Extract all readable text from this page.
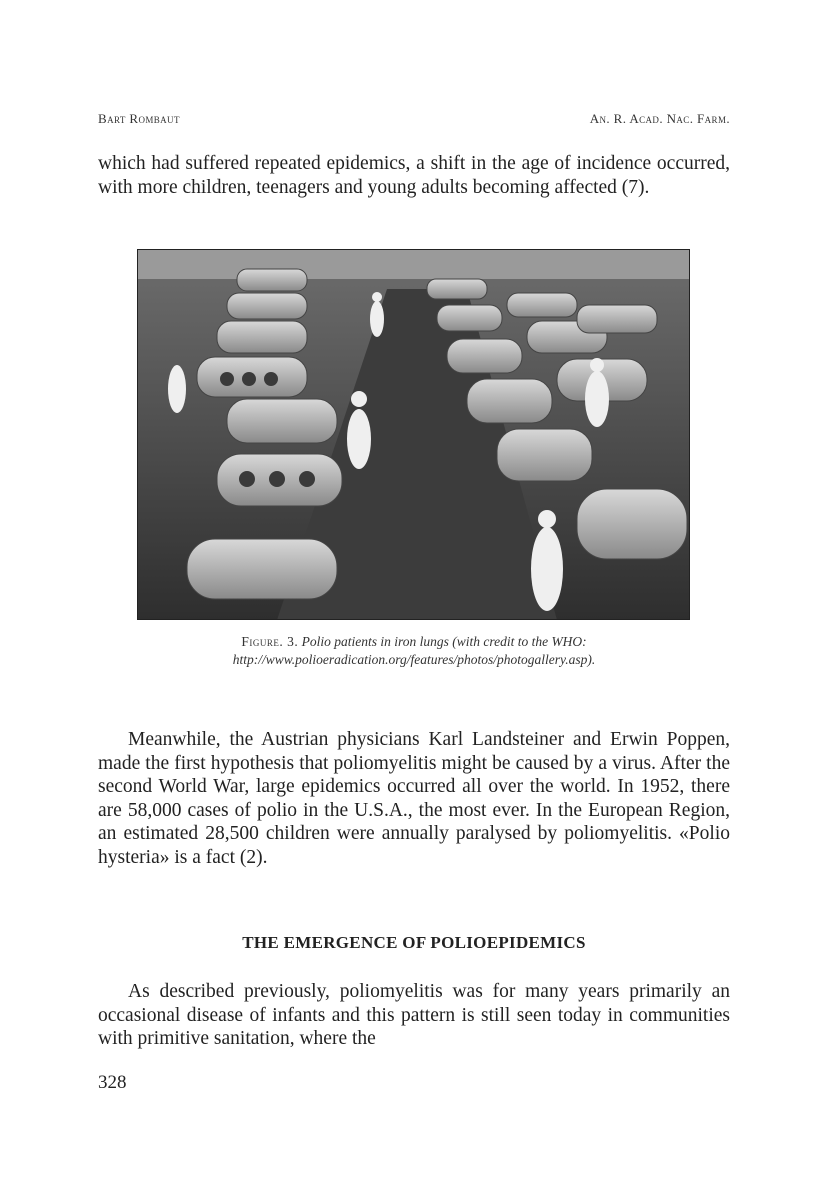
Bart Rombaut	An. R. Acad. Nac. Farm.

which had suffered repeated epidemics, a shift in the age of incidence occurred, with more children, teenagers and young adults becoming affected (7).

Figure. 3. Polio patients in iron lungs (with credit to the WHO:
http://www.polioeradication.org/features/photos/photogallery.asp).

Meanwhile, the Austrian physicians Karl Landsteiner and Erwin Poppen, made the first hypothesis that poliomyelitis might be caused by a virus. After the second World War, large epidemics occurred all over the world. In 1952, there are 58,000 cases of polio in the U.S.A., the most ever. In the European Region, an estimated 28,500 children were annually paralysed by poliomyelitis. «Polio hysteria» is a fact (2).

THE EMERGENCE OF POLIOEPIDEMICS

As described previously, poliomyelitis was for many years primarily an occasional disease of infants and this pattern is still seen today in communities with primitive sanitation, where the

328
